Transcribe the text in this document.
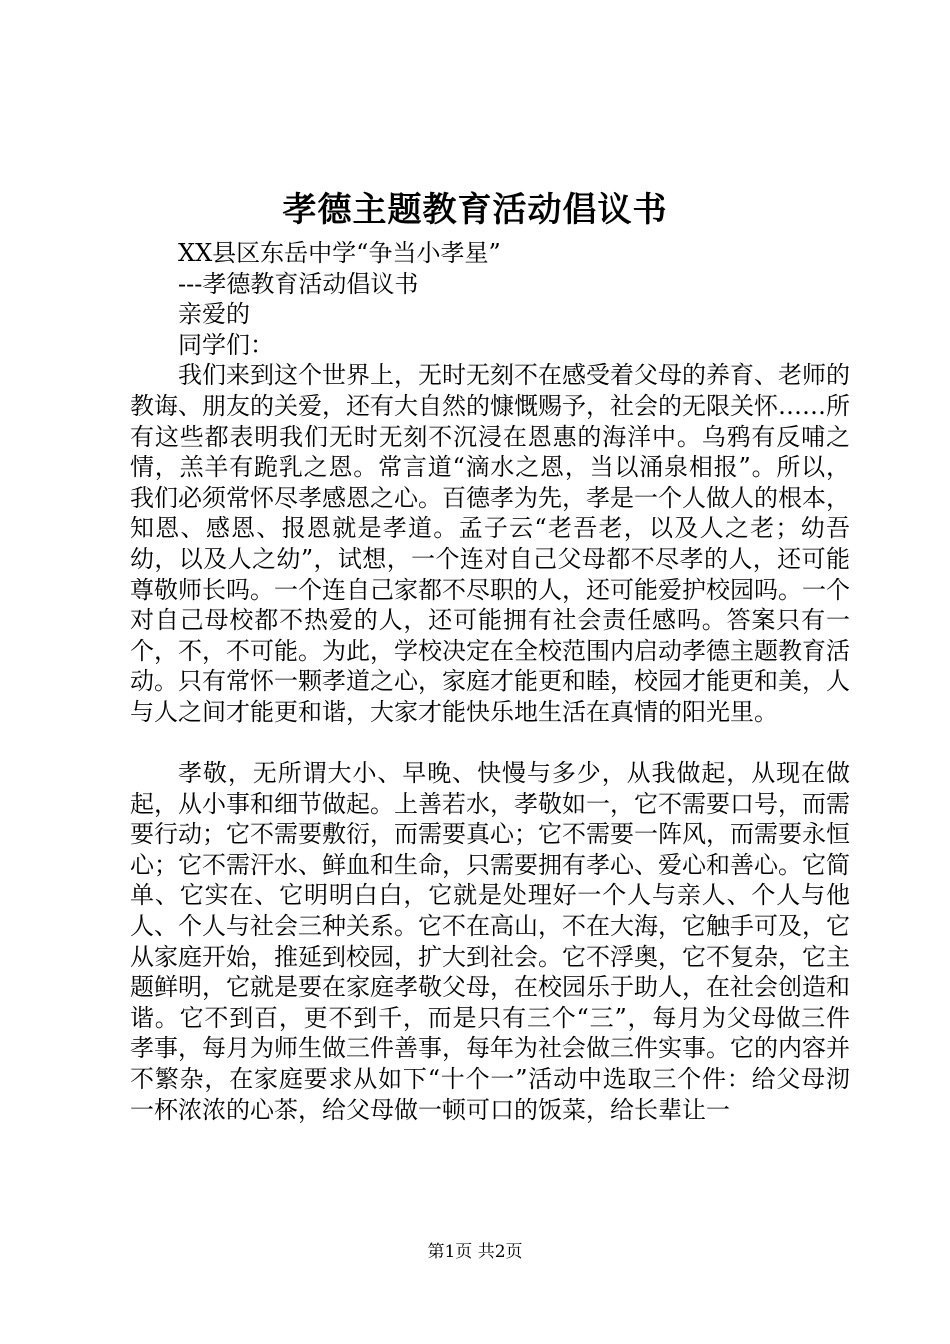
孝德主题教育活动倡议书

XX县区东岳中学“争当小孝星”

---孝德教育活动倡议书

亲爱的

同学们：

我们来到这个世界上，无时无刻不在感受着父母的养育、老师的教诲、朋友的关爱，还有大自然的慷慨赐予，社会的无限关怀……所有这些都表明我们无时无刻不沉浸在恩惠的海洋中。乌鸦有反哺之情，羔羊有跪乳之恩。常言道“滴水之恩，当以涌泉相报”。所以，我们必须常怀尽孝感恩之心。百德孝为先，孝是一个人做人的根本，知恩、感恩、报恩就是孝道。孟子云“老吾老，以及人之老；幼吾幼，以及人之幼”，试想，一个连对自己父母都不尽孝的人，还可能尊敬师长吗。一个连自己家都不尽职的人，还可能爱护校园吗。一个对自己母校都不热爱的人，还可能拥有社会责任感吗。答案只有一个，不，不可能。为此，学校决定在全校范围内启动孝德主题教育活动。只有常怀一颗孝道之心，家庭才能更和睦，校园才能更和美，人与人之间才能更和谐，大家才能快乐地生活在真情的阳光里。

孝敬，无所谓大小、早晚、快慢与多少，从我做起，从现在做起，从小事和细节做起。上善若水，孝敬如一，它不需要口号，而需要行动；它不需要敷衍，而需要真心；它不需要一阵风，而需要永恒心；它不需汗水、鲜血和生命，只需要拥有孝心、爱心和善心。它简单、它实在、它明明白白，它就是处理好一个人与亲人、个人与他人、个人与社会三种关系。它不在高山，不在大海，它触手可及，它从家庭开始，推延到校园，扩大到社会。它不浮奥，它不复杂，它主题鲜明，它就是要在家庭孝敬父母，在校园乐于助人，在社会创造和谐。它不到百，更不到千，而是只有三个“三”，每月为父母做三件孝事，每月为师生做三件善事，每年为社会做三件实事。它的内容并不繁杂，在家庭要求从如下“十个一”活动中选取三个件：给父母沏一杯浓浓的心茶，给父母做一顿可口的饭菜，给长辈让一

第1页 共2页
